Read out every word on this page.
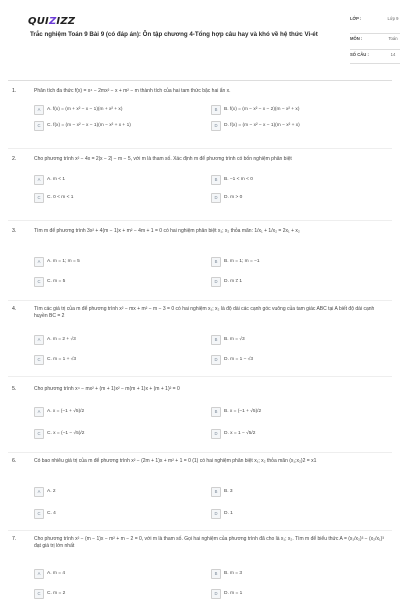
QUIZIZZ
Trắc nghiệm Toán 9 Bài 9 (có đáp án): Ôn tập chương 4-Tổng hợp câu hay và khó về hệ thức Vi-ét
LỚP :	Lớp 9
MÔN :	Toán
SỐ CÂU :	14
1.	Phân tích đa thức f(x) = x⁴ − 2mx² − x + m² − m thành tích của hai tam thức bậc hai ẩn x.
A	A. f(x) = (m + x² − x − 1)(m + x² + x)	B	B. f(x) = (m − x² − x − 2)(m − x² + x)
C	C. f(x) = (m − x² − x − 1)(m − x² + x + 1)	D	D. f(x) = (m − x² − x − 1)(m − x² + x)
2.	Cho phương trình x² − 4x = 2|x − 2| − m − 5, với m là tham số. Xác định m để phương trình có bốn nghiệm phân biệt
A	A. m < 1	B	B. −1 < m < 0
C	C. 0 < m < 1	D	D. m > 0
3.	Tìm m để phương trình 3x² + 4(m − 1)x + m² − 4m + 1 = 0 có hai nghiệm phân biệt x₁; x₂ thỏa mãn: 1/x₁ + 1/x₂ = 2x₁ + x₂
A	A. m = 1; m = 5	B	B. m = 1; m = −1
C	C. m = 5	D	D. m ≠ 1
4.	Tìm các giá trị của m để phương trình x² − mx + m² − m − 3 = 0 có hai nghiệm x₁; x₂ là độ dài các cạnh góc vuông của tam giác ABC tại A biết độ dài cạnh huyền BC = 2
A	A. m = 2 + √3	B	B. m = √3
C	C. m = 1 + √3	D	D. m = 1 − √3
5.	Cho phương trình x⁴ − mx² + (m + 1)x² − m(m + 1)x + (m + 1)² = 0
A	A. x = (−1 + √5)/2	B	B. x = (−1 + √5)/2
C	C. x = (−1 − √5)/2	D	D. x = 1 − √5/2
6.	Có bao nhiêu giá trị của m để phương trình x² − (2m + 1)x + m² + 1 = 0 (1) có hai nghiệm phân biệt x₁; x₂ thỏa mãn (x₁;x₂)2 = x1
A	A. 2	B	B. 3
C	C. 4	D	D. 1
7.	Cho phương trình x² − (m − 1)x − m² + m − 2 = 0, với m là tham số. Gọi hai nghiệm của phương trình đã cho là x₁; x₂. Tìm m để biểu thức A = (x₁/x₂)³ − (x₂/x₁)³ đạt giá trị lớn nhất
A	A. m = 4	B	B. m = 3
C	C. m = 2	D	D. m = 1
